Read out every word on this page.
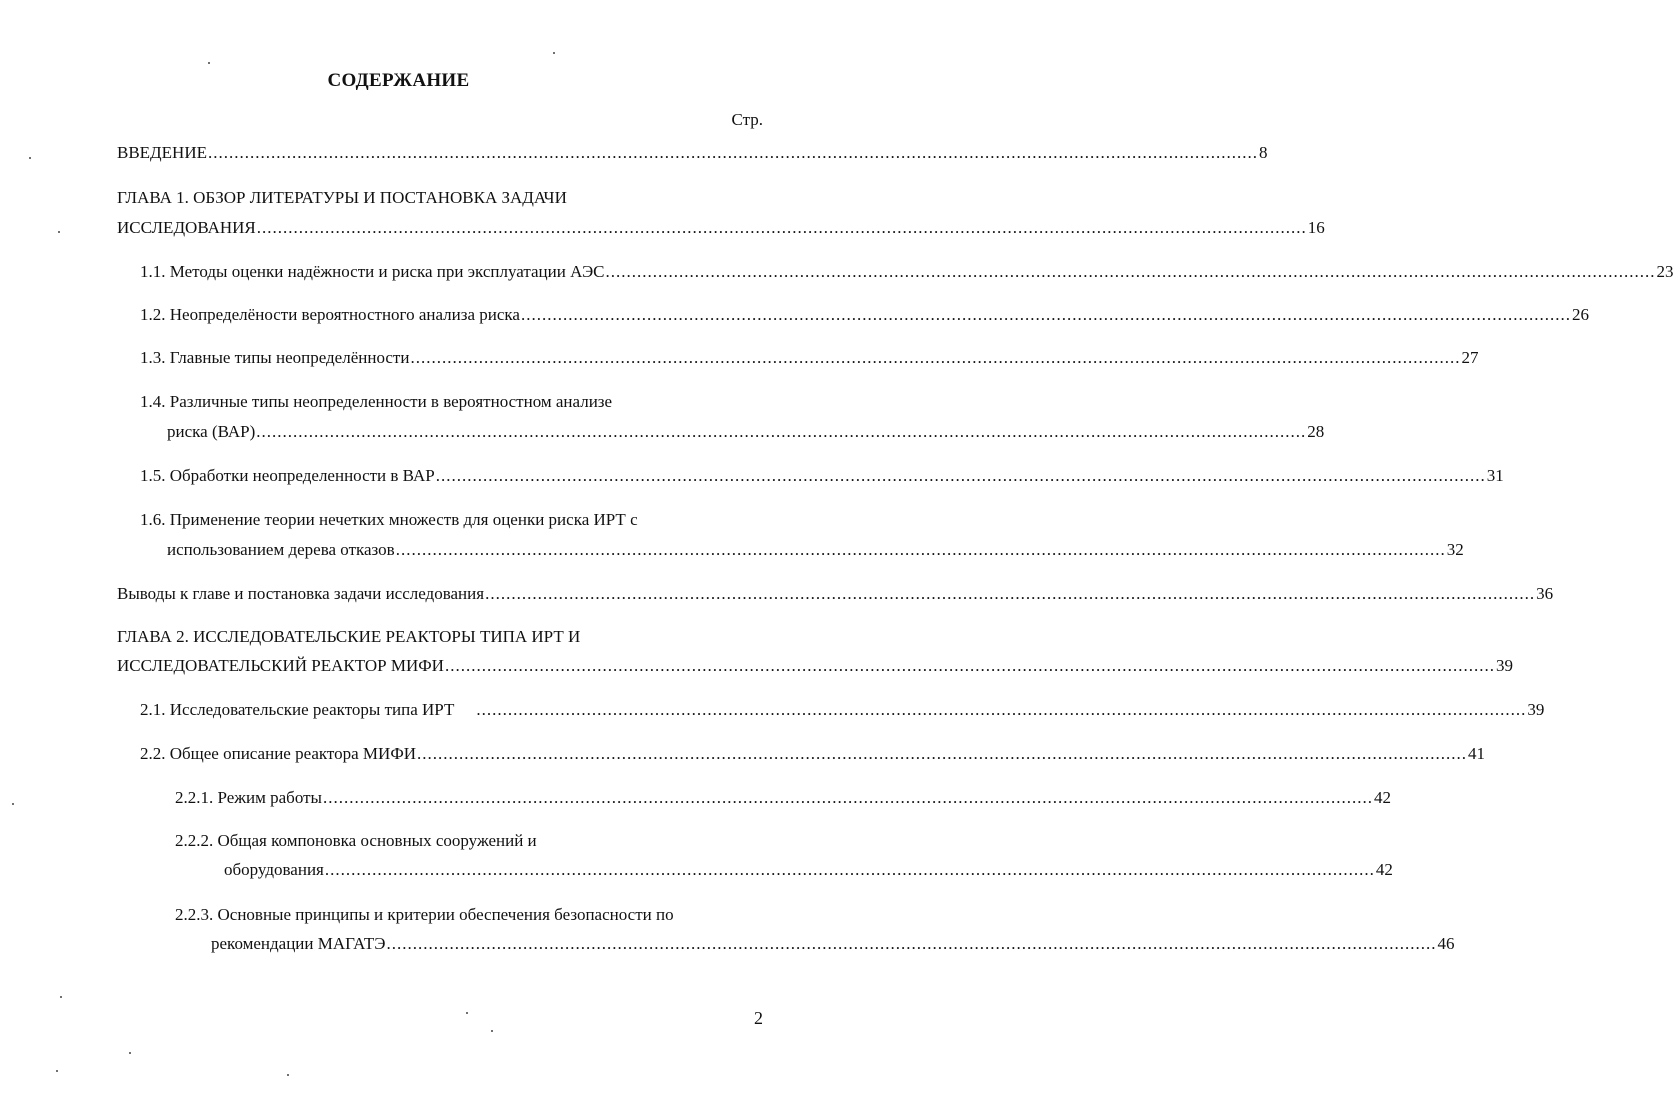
СОДЕРЖАНИЕ
Стр.
ВВЕДЕНИЕ ........................................................................................................................................................................................................ 8
ГЛАВА 1. ОБЗОР ЛИТЕРАТУРЫ И ПОСТАНОВКА ЗАДАЧИ
ИССЛЕДОВАНИЯ ........................................................................................................................................................................................................ 16
1.1. Методы оценки надёжности и риска при эксплуатации АЭС ........................................................................................................................................................................................................ 23
1.2. Неопределёности вероятностного анализа риска ........................................................................................................................................................................................................ 26
1.3. Главные типы неопределённости ........................................................................................................................................................................................................ 27
1.4. Различные типы неопределенности в вероятностном анализе
риска (ВАР) ........................................................................................................................................................................................................ 28
1.5. Обработки неопределенности в ВАР ........................................................................................................................................................................................................ 31
1.6. Применение теории нечетких множеств для оценки риска ИРТ с
использованием дерева отказов ........................................................................................................................................................................................................ 32
Выводы к главе и постановка задачи исследования ........................................................................................................................................................................................................ 36
ГЛАВА 2. ИССЛЕДОВАТЕЛЬСКИЕ РЕАКТОРЫ ТИПА ИРТ И
ИССЛЕДОВАТЕЛЬСКИЙ РЕАКТОР МИФИ ........................................................................................................................................................................................................ 39
2.1. Исследовательские реакторы типа ИРТ ........................................................................................................................................................................................................ 39
2.2. Общее описание реактора МИФИ ........................................................................................................................................................................................................ 41
2.2.1. Режим работы ........................................................................................................................................................................................................ 42
2.2.2. Общая компоновка основных сооружений и
оборудования ........................................................................................................................................................................................................ 42
2.2.3. Основные принципы и критерии обеспечения безопасности по
рекомендации МАГАТЭ ........................................................................................................................................................................................................ 46
2
